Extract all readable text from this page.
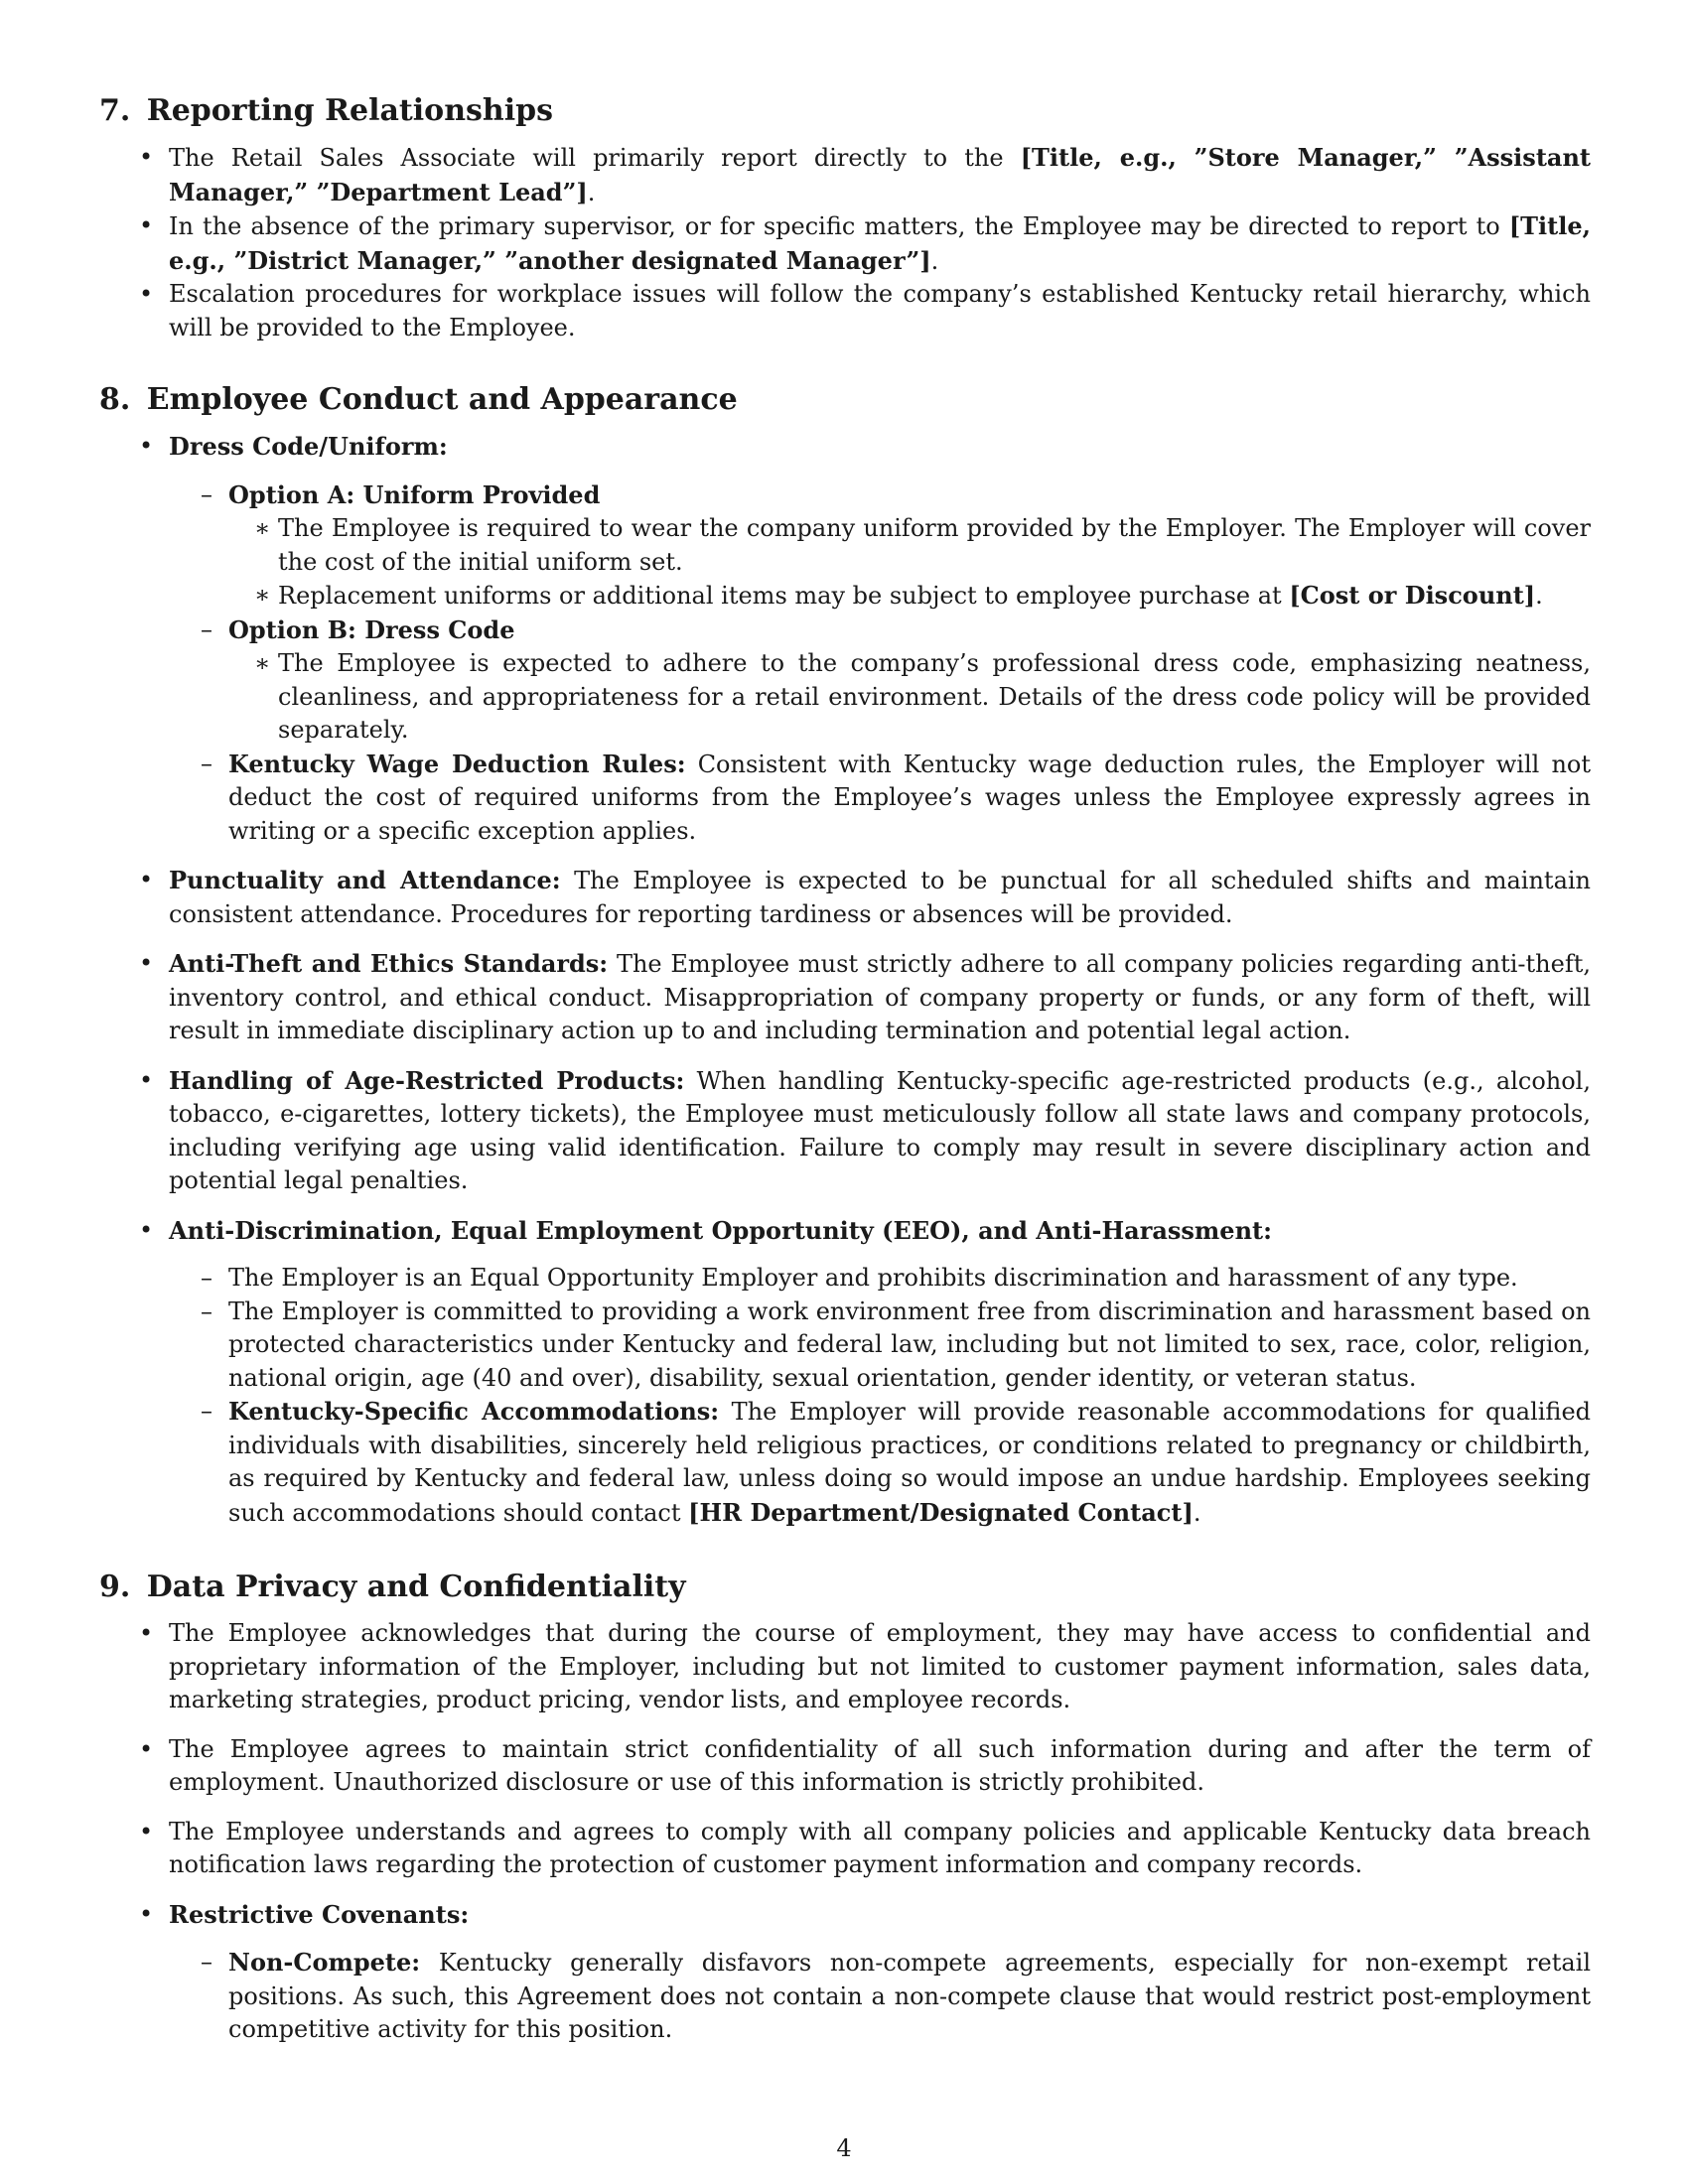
7. Reporting Relationships

• The Retail Sales Associate will primarily report directly to the [Title, e.g., ”Store Manager,” ”Assistant Manager,” ”Department Lead”].

• In the absence of the primary supervisor, or for specific matters, the Employee may be directed to report to [Title, e.g., ”District Manager,” ”another designated Manager”].

• Escalation procedures for workplace issues will follow the company’s established Kentucky retail hierarchy, which will be provided to the Employee.

8. Employee Conduct and Appearance

• Dress Code/Uniform:

– Option A: Uniform Provided

∗ The Employee is required to wear the company uniform provided by the Employer. The Employer will cover the cost of the initial uniform set.

∗ Replacement uniforms or additional items may be subject to employee purchase at [Cost or Discount].

– Option B: Dress Code

∗ The Employee is expected to adhere to the company’s professional dress code, emphasizing neatness, cleanliness, and appropriateness for a retail environment. Details of the dress code policy will be provided separately.

– Kentucky Wage Deduction Rules: Consistent with Kentucky wage deduction rules, the Employer will not deduct the cost of required uniforms from the Employee’s wages unless the Employee expressly agrees in writing or a specific exception applies.

• Punctuality and Attendance: The Employee is expected to be punctual for all scheduled shifts and maintain consistent attendance. Procedures for reporting tardiness or absences will be provided.

• Anti-Theft and Ethics Standards: The Employee must strictly adhere to all company policies regarding anti-theft, inventory control, and ethical conduct. Misappropriation of company property or funds, or any form of theft, will result in immediate disciplinary action up to and including termination and potential legal action.

• Handling of Age-Restricted Products: When handling Kentucky-specific age-restricted products (e.g., alcohol, tobacco, e-cigarettes, lottery tickets), the Employee must meticulously follow all state laws and company protocols, including verifying age using valid identification. Failure to comply may result in severe disciplinary action and potential legal penalties.

• Anti-Discrimination, Equal Employment Opportunity (EEO), and Anti-Harassment:

– The Employer is an Equal Opportunity Employer and prohibits discrimination and harassment of any type.

– The Employer is committed to providing a work environment free from discrimination and harassment based on protected characteristics under Kentucky and federal law, including but not limited to sex, race, color, religion, national origin, age (40 and over), disability, sexual orientation, gender identity, or veteran status.

– Kentucky-Specific Accommodations: The Employer will provide reasonable accommodations for qualified individuals with disabilities, sincerely held religious practices, or conditions related to pregnancy or childbirth, as required by Kentucky and federal law, unless doing so would impose an undue hardship. Employees seeking such accommodations should contact [HR Department/Designated Contact].

9. Data Privacy and Confidentiality

• The Employee acknowledges that during the course of employment, they may have access to confidential and proprietary information of the Employer, including but not limited to customer payment information, sales data, marketing strategies, product pricing, vendor lists, and employee records.

• The Employee agrees to maintain strict confidentiality of all such information during and after the term of employment. Unauthorized disclosure or use of this information is strictly prohibited.

• The Employee understands and agrees to comply with all company policies and applicable Kentucky data breach notification laws regarding the protection of customer payment information and company records.

• Restrictive Covenants:

– Non-Compete: Kentucky generally disfavors non-compete agreements, especially for non-exempt retail positions. As such, this Agreement does not contain a non-compete clause that would restrict post-employment competitive activity for this position.

4
